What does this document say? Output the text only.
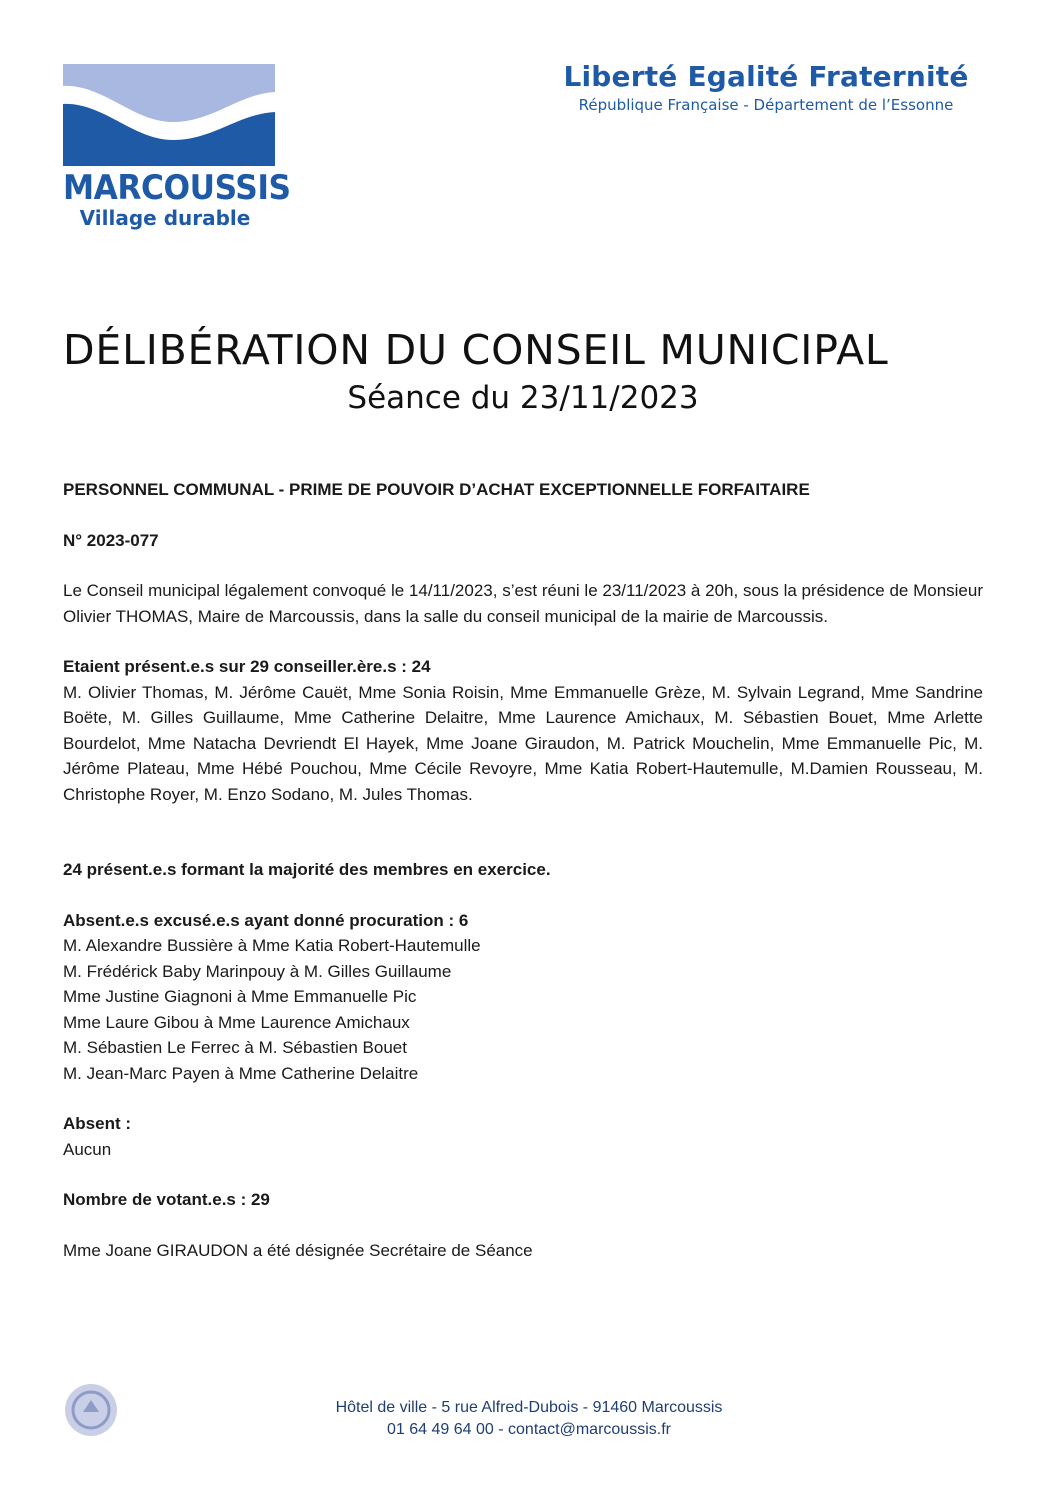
MARCOUSSIS
Village durable
Liberté Egalité Fraternité
République Française - Département de l’Essonne
DÉLIBÉRATION DU CONSEIL MUNICIPAL
Séance du 23/11/2023

PERSONNEL COMMUNAL - PRIME DE POUVOIR D’ACHAT EXCEPTIONNELLE FORFAITAIRE

N° 2023-077

Le Conseil municipal légalement convoqué le 14/11/2023, s’est réuni le 23/11/2023 à 20h, sous la présidence de Monsieur Olivier THOMAS, Maire de Marcoussis, dans la salle du conseil municipal de la mairie de Marcoussis.

Etaient présent.e.s sur 29 conseiller.ère.s : 24

M. Olivier Thomas, M. Jérôme Cauët, Mme Sonia Roisin, Mme Emmanuelle Grèze, M. Sylvain Legrand, Mme Sandrine Boëte, M. Gilles Guillaume, Mme Catherine Delaitre, Mme Laurence Amichaux, M. Sébastien Bouet, Mme Arlette Bourdelot, Mme Natacha Devriendt El Hayek, Mme Joane Giraudon, M. Patrick Mouchelin, Mme Emmanuelle Pic, M. Jérôme Plateau, Mme Hébé Pouchou, Mme Cécile Revoyre, Mme Katia Robert-Hautemulle, M.Damien Rousseau, M. Christophe Royer, M. Enzo Sodano, M. Jules Thomas.

24 présent.e.s formant la majorité des membres en exercice.

Absent.e.s excusé.e.s ayant donné procuration : 6

M. Alexandre Bussière à Mme Katia Robert-Hautemulle

M. Frédérick Baby Marinpouy à M. Gilles Guillaume

Mme Justine Giagnoni à Mme Emmanuelle Pic

Mme Laure Gibou à Mme Laurence Amichaux

M. Sébastien Le Ferrec à M. Sébastien Bouet

M. Jean-Marc Payen à Mme Catherine Delaitre

Absent :

Aucun

Nombre de votant.e.s : 29

Mme Joane GIRAUDON a été désignée Secrétaire de Séance

Hôtel de ville - 5 rue Alfred-Dubois - 91460 Marcoussis
01 64 49 64 00 - contact@marcoussis.fr
